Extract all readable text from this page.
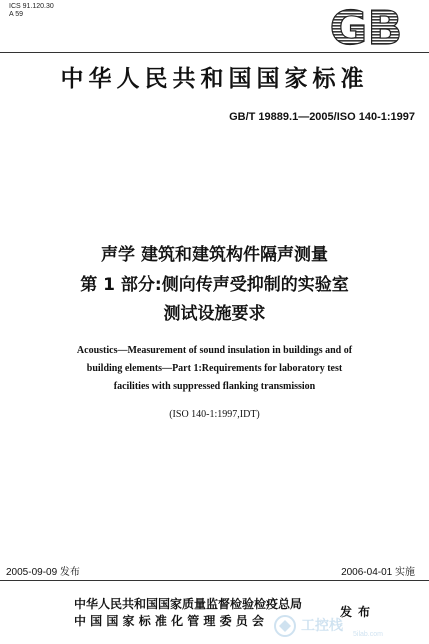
ICS 91.120.30
A 59	GB
中华人民共和国国家标准
GB/T 19889.1—2005/ISO 140-1:1997
声学 建筑和建筑构件隔声测量
第 1 部分:侧向传声受抑制的实验室
测试设施要求
Acoustics—Measurement of sound insulation in buildings and of
building elements—Part 1:Requirements for laboratory test
facilities with suppressed flanking transmission
(ISO 140-1:1997,IDT)
2005-09-09 发布	2006-04-01 实施
中华人民共和国国家质量监督检验检疫总局
中 国 国 家 标 准 化 管 理 委 员 会
发布
工控栈
5ilab.com
